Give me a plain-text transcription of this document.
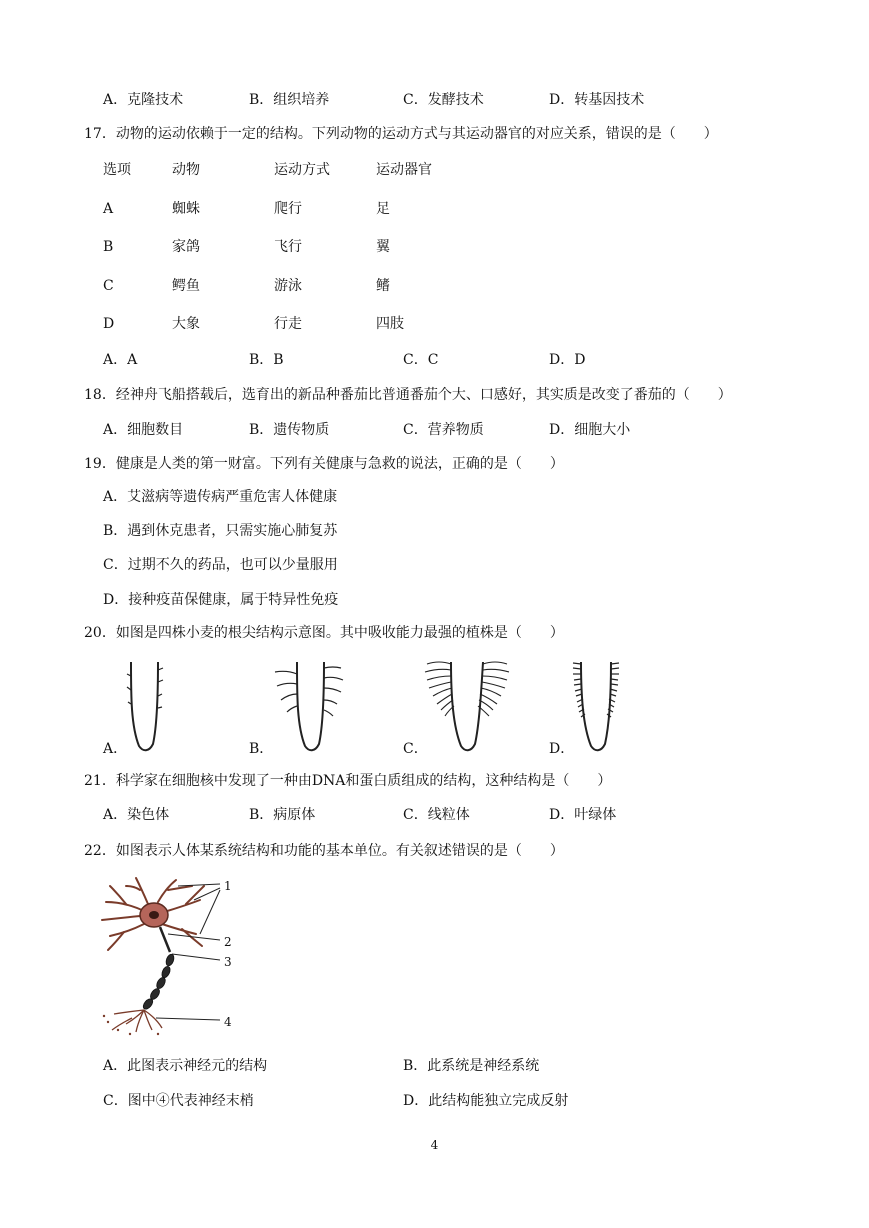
A．克隆技术	B．组织培养	C．发酵技术	D．转基因技术
17．动物的运动依赖于一定的结构。下列动物的运动方式与其运动器官的对应关系，错误的是（　　）
选项	动物	运动方式	运动器官
A	蜘蛛	爬行	足
B	家鸽	飞行	翼
C	鳄鱼	游泳	鳍
D	大象	行走	四肢
A．A	B．B	C．C	D．D
18．经神舟飞船搭载后，选育出的新品种番茄比普通番茄个大、口感好，其实质是改变了番茄的（　　）
A．细胞数目	B．遗传物质	C．营养物质	D．细胞大小
19．健康是人类的第一财富。下列有关健康与急救的说法，正确的是（　　）
A．艾滋病等遗传病严重危害人体健康
B．遇到休克患者，只需实施心肺复苏
C．过期不久的药品，也可以少量服用
D．接种疫苗保健康，属于特异性免疫
20．如图是四株小麦的根尖结构示意图。其中吸收能力最强的植株是（　　）
A．	B．	C．	D．
21．科学家在细胞核中发现了一种由DNA和蛋白质组成的结构，这种结构是（　　）
A．染色体	B．病原体	C．线粒体	D．叶绿体
22．如图表示人体某系统结构和功能的基本单位。有关叙述错误的是（　　）
1
2
3
4
A．此图表示神经元的结构	B．此系统是神经系统
C．图中④代表神经末梢	D．此结构能独立完成反射
4
